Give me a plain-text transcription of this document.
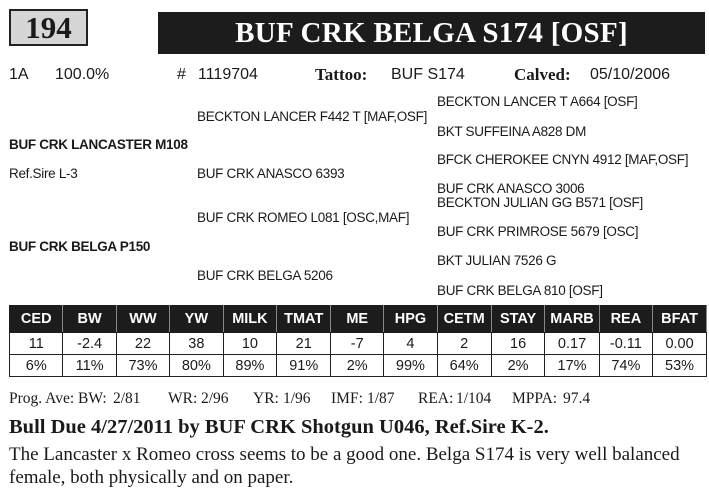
194	BUF CRK BELGA S174 [OSF]
1A 100.0%	# 1119704	Tattoo: BUF S174	Calved: 05/10/2006
BECKTON LANCER T A664 [OSF]
BECKTON LANCER F442 T [MAF,OSF]
BKT SUFFEINA A828 DM
BUF CRK LANCASTER M108
BFCK CHEROKEE CNYN 4912 [MAF,OSF]
Ref.Sire L-3	BUF CRK ANASCO 6393
BUF CRK ANASCO 3006
BECKTON JULIAN GG B571 [OSF]
BUF CRK ROMEO L081 [OSC,MAF]
BUF CRK PRIMROSE 5679 [OSC]
BUF CRK BELGA P150
BKT JULIAN 7526 G
BUF CRK BELGA 5206
BUF CRK BELGA 810 [OSF]
CED	BW	WW	YW	MILK	TMAT	ME	HPG	CETM	STAY	MARB	REA	BFAT
11	-2.4	22	38	10	21	-7	4	2	16	0.17	-0.11	0.00
6%	11%	73%	80%	89%	91%	2%	99%	64%	2%	17%	74%	53%
Prog. Ave: BW: 2/81 WR: 2/96 YR: 1/96 IMF: 1/87 REA: 1/104 MPPA: 97.4
Bull Due 4/27/2011 by BUF CRK Shotgun U046, Ref.Sire K-2.
The Lancaster x Romeo cross seems to be a good one. Belga S174 is very well balanced female, both physically and on paper.
